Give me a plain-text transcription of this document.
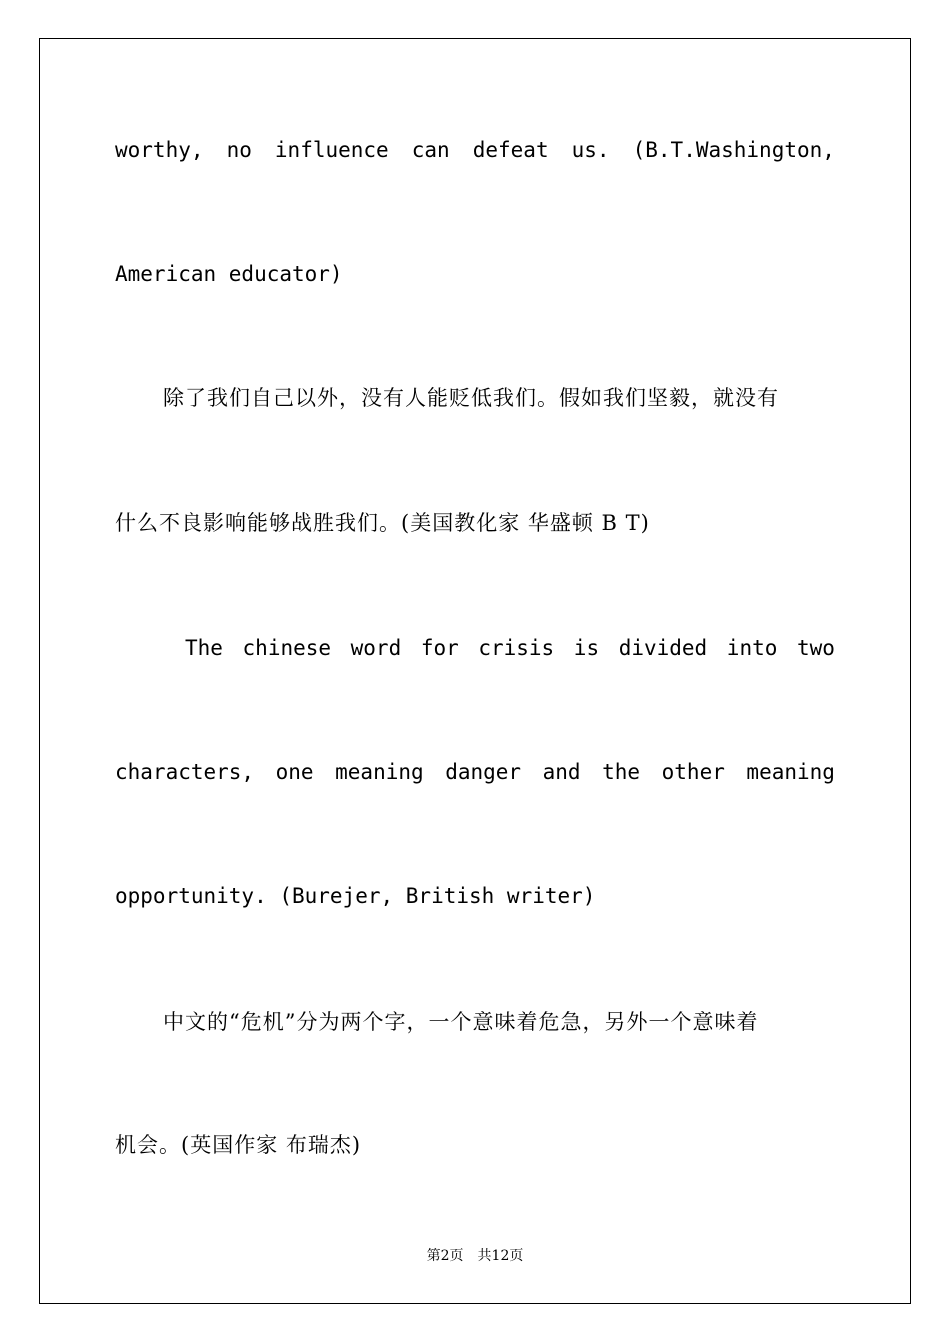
worthy, no influence can defeat us. (B.T.Washington,
American educator)
除了我们自己以外，没有人能贬低我们。假如我们坚毅，就没有
什么不良影响能够战胜我们。(美国教化家 华盛顿 B T)
The chinese word for crisis is divided into two
characters, one meaning danger and the other meaning
opportunity. (Burejer, British writer)
中文的“危机”分为两个字，一个意味着危急，另外一个意味着
机会。(英国作家 布瑞杰)
第2页 共12页
